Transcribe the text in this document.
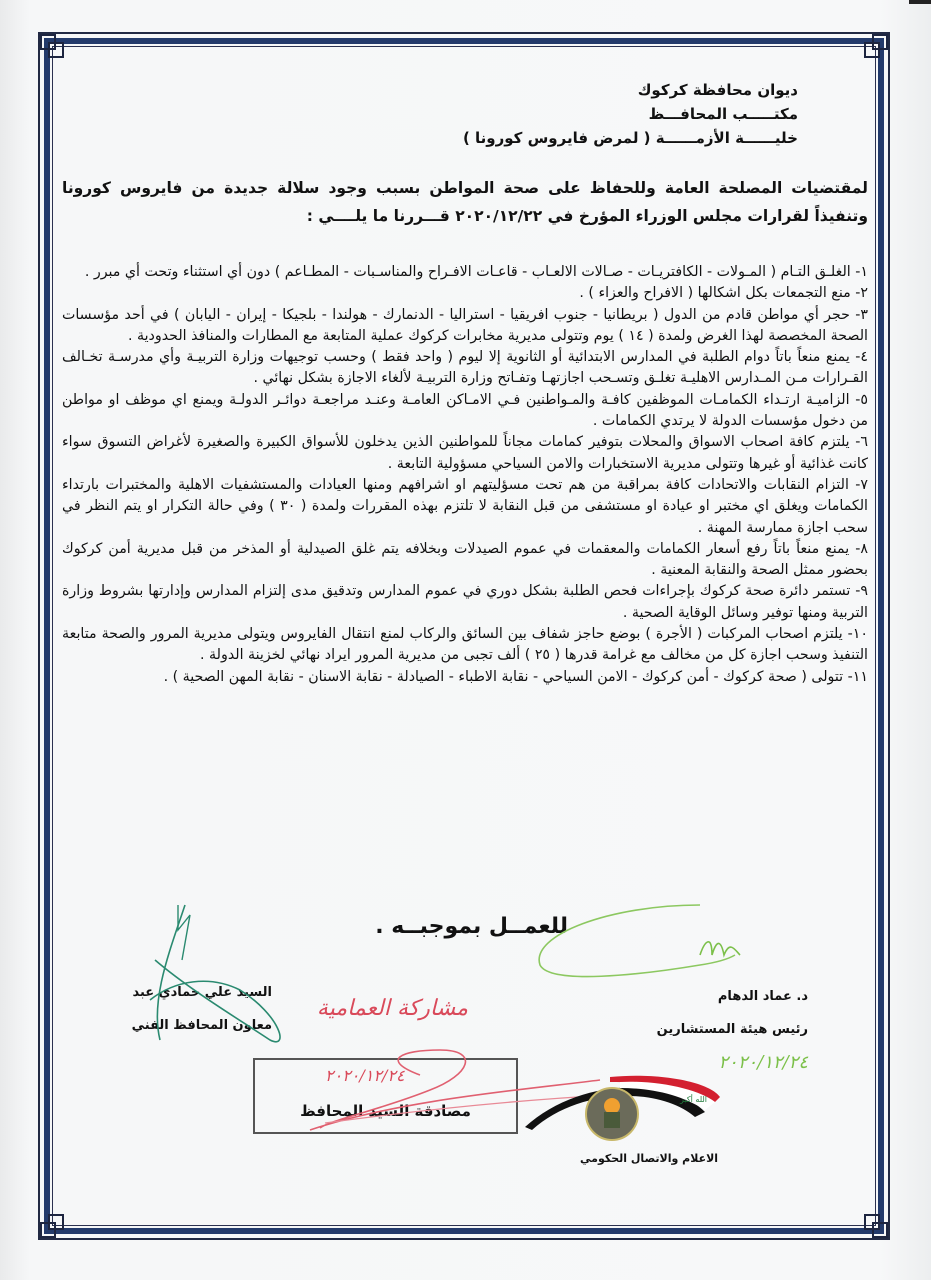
ديوان محافظة كركوك
مكتـــــب المحافـــظ
خليــــــة الأزمــــــة ( لمرض فايروس كورونا )
لمقتضيات المصلحة العامة وللحفاظ على صحة المواطن بسبب وجود سلالة جديدة من فايروس كورونا وتنفيذاً لقرارات مجلس الوزراء المؤرخ في ٢٠٢٠/١٢/٢٢ قـــررنا ما يلــــي :

١- الغلـق التـام ( المـولات - الكافتريـات - صـالات الالعـاب - قاعـات الافـراح والمناسـبات - المطـاعم ) دون أي استثناء وتحت أي مبرر .

٢- منع التجمعات بكل اشكالها ( الافراح والعزاء ) .

٣- حجر أي مواطن قادم من الدول ( بريطانيا - جنوب افريقيا - استراليا - الدنمارك - هولندا - بلجيكا - إيران - اليابان ) في أحد مؤسسات الصحة المخصصة لهذا الغرض ولمدة ( ١٤ ) يوم وتتولى مديرية مخابرات كركوك عملية المتابعة مع المطارات والمنافذ الحدودية .

٤- يمنع منعاً باتاً دوام الطلبة في المدارس الابتدائية أو الثانوية إلا ليوم ( واحد فقط ) وحسب توجيهات وزارة التربيـة وأي مدرسـة تخـالف القـرارات مـن المـدارس الاهليـة تغلـق وتسـحب اجازتهـا وتفـاتح وزارة التربيـة لألغاء الاجازة بشكل نهائي .

٥- الزاميـة ارتـداء الكمامـات الموظفين كافـة والمـواطنين فـي الامـاكن العامـة وعنـد مراجعـة دوائـر الدولـة ويمنع اي موظف او مواطن من دخول مؤسسات الدولة لا يرتدي الكمامات .

٦- يلتزم كافة اصحاب الاسواق والمحلات بتوفير كمامات مجاناً للمواطنين الذين يدخلون للأسواق الكبيرة والصغيرة لأغراض التسوق سواء كانت غذائية أو غيرها وتتولى مديرية الاستخبارات والامن السياحي مسؤولية التابعة .

٧- التزام النقابات والاتحادات كافة بمراقبة من هم تحت مسؤليتهم او اشرافهم ومنها العيادات والمستشفيات الاهلية والمختبرات بارتداء الكمامات ويغلق اي مختبر او عيادة او مستشفى من قبل النقابة لا تلتزم بهذه المقررات ولمدة ( ٣٠ ) وفي حالة التكرار او يتم النظر في سحب اجازة ممارسة المهنة .

٨- يمنع منعاً باتاً رفع أسعار الكمامات والمعقمات في عموم الصيدلات وبخلافه يتم غلق الصيدلية أو المذخر من قبل مديرية أمن كركوك بحضور ممثل الصحة والنقابة المعنية .

٩- تستمر دائرة صحة كركوك بإجراءات فحص الطلبة بشكل دوري في عموم المدارس وتدقيق مدى إلتزام المدارس وإدارتها بشروط وزارة التربية ومنها توفير وسائل الوقاية الصحية .

١٠- يلتزم اصحاب المركبات ( الأجرة ) بوضع حاجز شفاف بين السائق والركاب لمنع انتقال الفايروس ويتولى مديرية المرور والصحة متابعة التنفيذ وسحب اجازة كل من مخالف مع غرامة قدرها ( ٢٥ ) ألف تجبى من مديرية المرور ايراد نهائي لخزينة الدولة .

١١- تتولى ( صحة كركوك - أمن كركوك - الامن السياحي - نقابة الاطباء - الصيادلة - نقابة الاسنان - نقابة المهن الصحية ) .

للعمــل بموجبــه .
د. عماد الدهام
رئيس هيئة المستشارين
٢٠٢٠/١٢/٢٤
السيد علي حمادي عبد
معاون المحافظ الفني
مشاركة العمامية
٢٠٢٠/١٢/٢٤
مصادقة السيد المحافظ
الله أكبر
الاعلام والاتصال الحكومي
